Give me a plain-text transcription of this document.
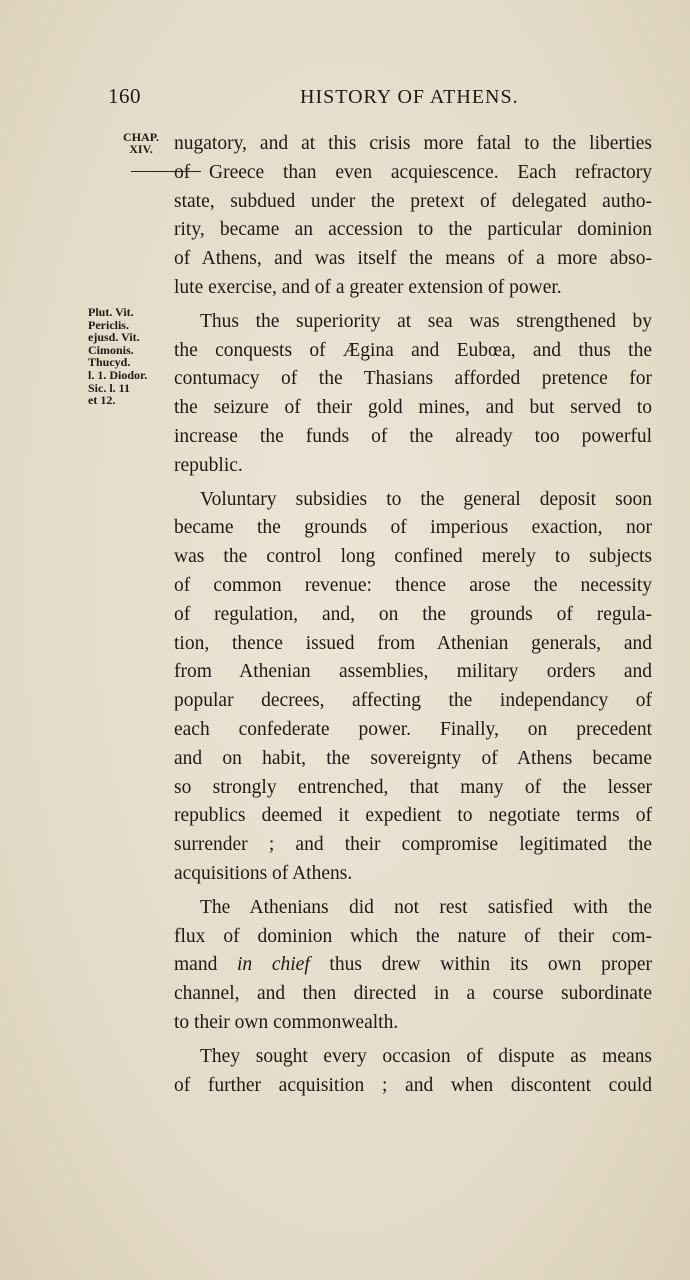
160	HISTORY OF ATHENS.
CHAP.
XIV.
Plut. Vit.
Periclis.
ejusd. Vit.
Cimonis.
Thucyd.
l. 1. Diodor.
Sic. l. 11
et 12.
nugatory, and at this crisis more fatal to the liberties
of Greece than even acquiescence. Each refractory
state, subdued under the pretext of delegated autho-
rity, became an accession to the particular dominion
of Athens, and was itself the means of a more abso-
lute exercise, and of a greater extension of power.
Thus the superiority at sea was strengthened by
the conquests of Ægina and Eubœa, and thus the
contumacy of the Thasians afforded pretence for
the seizure of their gold mines, and but served to
increase the funds of the already too powerful
republic.
Voluntary subsidies to the general deposit soon
became the grounds of imperious exaction, nor
was the control long confined merely to subjects
of common revenue: thence arose the necessity
of regulation, and, on the grounds of regula-
tion, thence issued from Athenian generals, and
from Athenian assemblies, military orders and
popular decrees, affecting the independancy of
each confederate power. Finally, on precedent
and on habit, the sovereignty of Athens became
so strongly entrenched, that many of the lesser
republics deemed it expedient to negotiate terms of
surrender ; and their compromise legitimated the
acquisitions of Athens.
The Athenians did not rest satisfied with the
flux of dominion which the nature of their com-
mand in chief thus drew within its own proper
channel, and then directed in a course subordinate
to their own commonwealth.
They sought every occasion of dispute as means
of further acquisition ; and when discontent could
